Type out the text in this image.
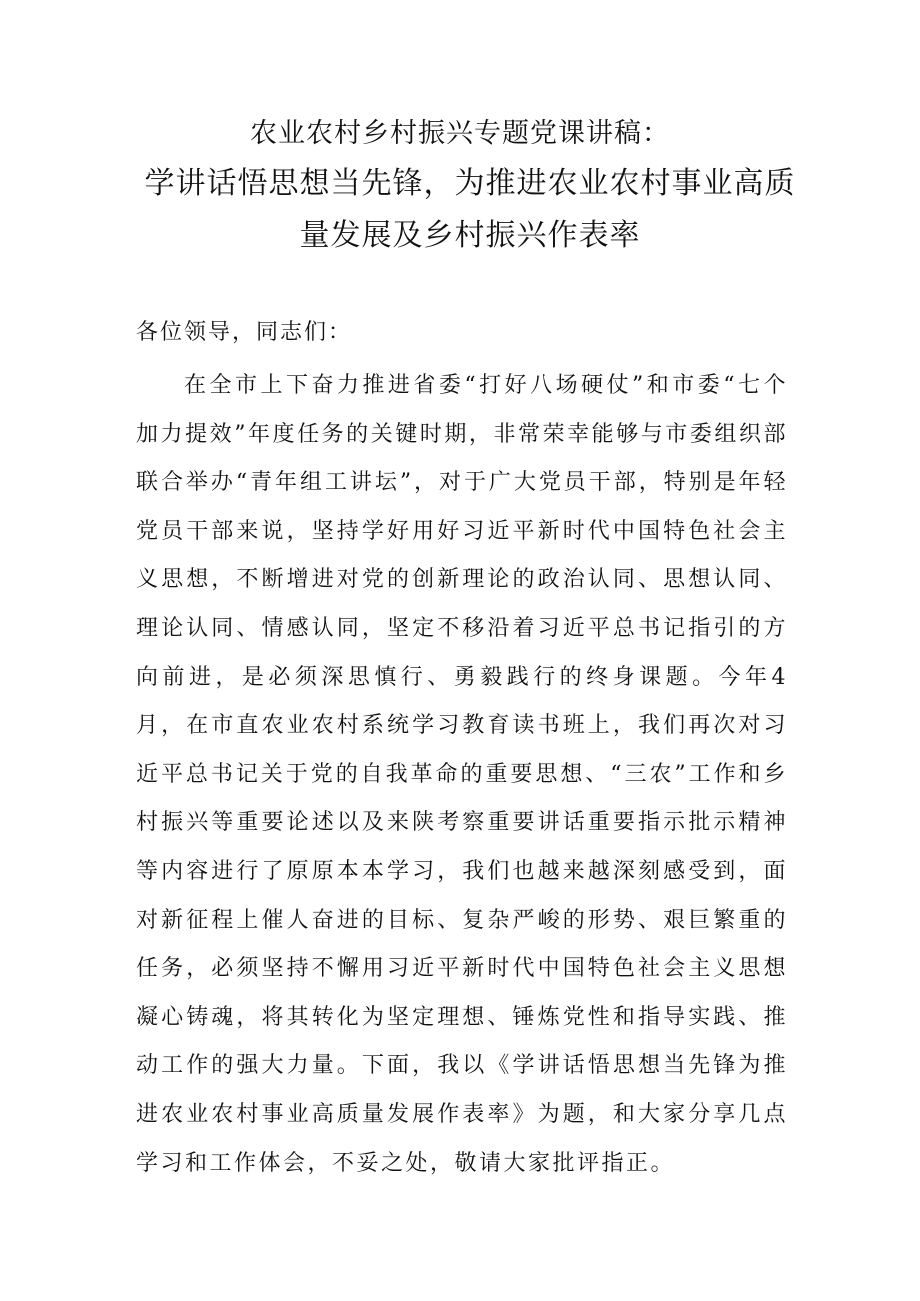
农业农村乡村振兴专题党课讲稿：
学讲话悟思想当先锋，为推进农业农村事业高质量发展及乡村振兴作表率
各位领导，同志们：

在全市上下奋力推进省委“打好八场硬仗”和市委“七个加力提效”年度任务的关键时期，非常荣幸能够与市委组织部联合举办“青年组工讲坛”，对于广大党员干部，特别是年轻党员干部来说，坚持学好用好习近平新时代中国特色社会主义思想，不断增进对党的创新理论的政治认同、思想认同、理论认同、情感认同，坚定不移沿着习近平总书记指引的方向前进，是必须深思慎行、勇毅践行的终身课题。今年4月，在市直农业农村系统学习教育读书班上，我们再次对习近平总书记关于党的自我革命的重要思想、“三农”工作和乡村振兴等重要论述以及来陕考察重要讲话重要指示批示精神等内容进行了原原本本学习，我们也越来越深刻感受到，面对新征程上催人奋进的目标、复杂严峻的形势、艰巨繁重的任务，必须坚持不懈用习近平新时代中国特色社会主义思想凝心铸魂，将其转化为坚定理想、锤炼党性和指导实践、推动工作的强大力量。下面，我以《学讲话悟思想当先锋为推进农业农村事业高质量发展作表率》为题，和大家分享几点学习和工作体会，不妥之处，敬请大家批评指正。
